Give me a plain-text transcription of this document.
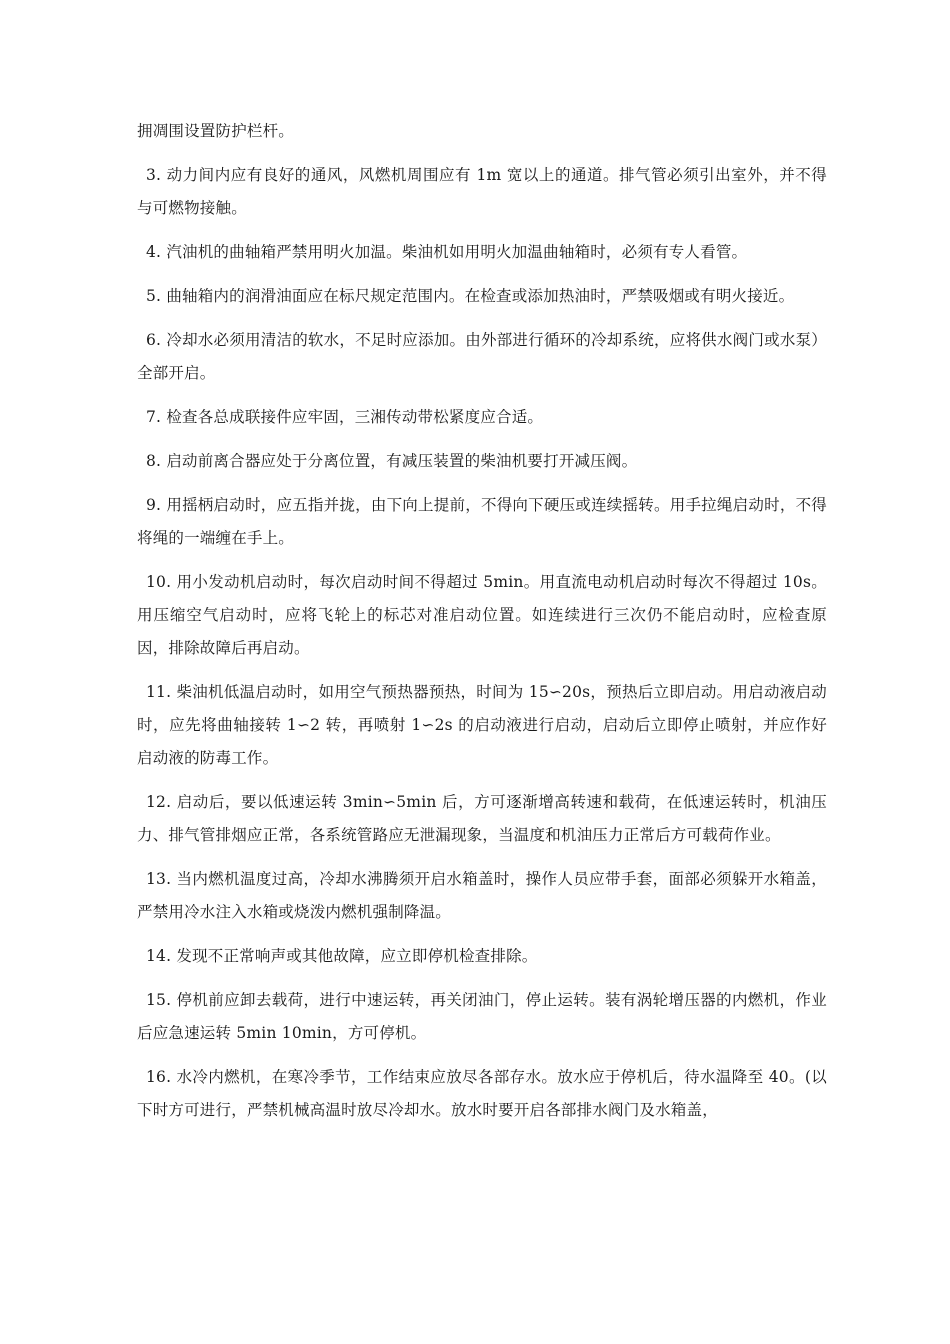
拥凋围设置防护栏杆。

3. 动力间内应有良好的通风，风燃机周围应有 1m 宽以上的通道。排气管必须引出室外，并不得与可燃物接触。

4. 汽油机的曲轴箱严禁用明火加温。柴油机如用明火加温曲轴箱时，必须有专人看管。

5. 曲轴箱内的润滑油面应在标尺规定范围内。在检查或添加热油时，严禁吸烟或有明火接近。

6. 冷却水必须用清洁的软水，不足时应添加。由外部进行循环的冷却系统，应将供水阀门或水泵）全部开启。

7. 检查各总成联接件应牢固，三湘传动带松紧度应合适。

8. 启动前离合器应处于分离位置，有减压装置的柴油机要打开减压阀。

9. 用摇柄启动时，应五指并拢，由下向上提前，不得向下硬压或连续摇转。用手拉绳启动时，不得将绳的一端缠在手上。

10. 用小发动机启动时，每次启动时间不得超过 5min。用直流电动机启动时每次不得超过 10s。用压缩空气启动时，应将飞轮上的标芯对准启动位置。如连续进行三次仍不能启动时，应检查原因，排除故障后再启动。

11. 柴油机低温启动时，如用空气预热器预热，时间为 15∽20s，预热后立即启动。用启动液启动时，应先将曲轴接转 1∽2 转，再喷射 1∽2s 的启动液进行启动，启动后立即停止喷射，并应作好启动液的防毒工作。

12. 启动后，要以低速运转 3min∽5min 后，方可逐渐增高转速和载荷，在低速运转时，机油压力、排气管排烟应正常，各系统管路应无泄漏现象，当温度和机油压力正常后方可载荷作业。

13. 当内燃机温度过高，冷却水沸腾须开启水箱盖时，操作人员应带手套，面部必须躲开水箱盖，严禁用冷水注入水箱或烧泼内燃机强制降温。

14. 发现不正常响声或其他故障，应立即停机检查排除。

15. 停机前应卸去载荷，进行中速运转，再关闭油门，停止运转。装有涡轮增压器的内燃机，作业后应急速运转 5min 10min，方可停机。

16. 水冷内燃机，在寒冷季节，工作结束应放尽各部存水。放水应于停机后，待水温降至 40。(以下时方可进行，严禁机械高温时放尽冷却水。放水时要开启各部排水阀门及水箱盖，
